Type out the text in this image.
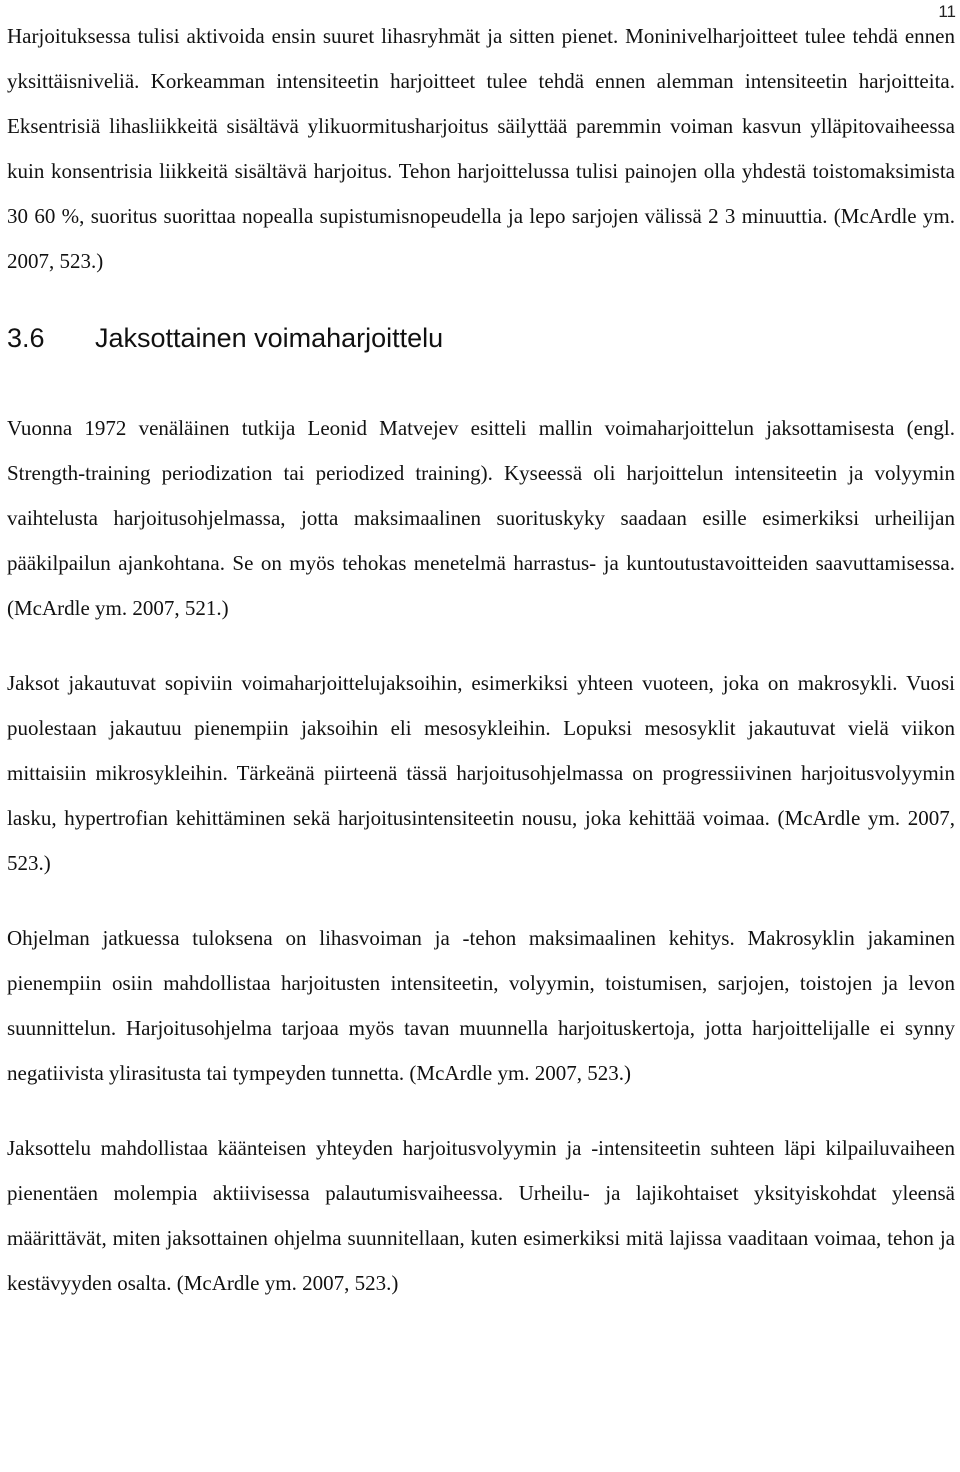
11

Harjoituksessa tulisi aktivoida ensin suuret lihasryhmät ja sitten pienet. Moninivelharjoitteet tulee tehdä ennen yksittäisniveliä. Korkeamman intensiteetin harjoitteet tulee tehdä ennen alemman intensiteetin harjoitteita. Eksentrisiä lihasliikkeitä sisältävä ylikuormitusharjoitus säilyttää paremmin voiman kasvun ylläpitovaiheessa kuin konsentrisia liikkeitä sisältävä harjoitus. Tehon harjoittelussa tulisi painojen olla yhdestä toistomaksimista 30 60 %, suoritus suorittaa nopealla supistumisnopeudella ja lepo sarjojen välissä 2 3 minuuttia. (McArdle ym. 2007, 523.)

3.6	Jaksottainen voimaharjoittelu

Vuonna 1972 venäläinen tutkija Leonid Matvejev esitteli mallin voimaharjoittelun jaksottamisesta (engl. Strength-training periodization tai periodized training). Kyseessä oli harjoittelun intensiteetin ja volyymin vaihtelusta harjoitusohjelmassa, jotta maksimaalinen suorituskyky saadaan esille esimerkiksi urheilijan pääkilpailun ajankohtana. Se on myös tehokas menetelmä harrastus- ja kuntoutustavoitteiden saavuttamisessa. (McArdle ym. 2007, 521.)

Jaksot jakautuvat sopiviin voimaharjoittelujaksoihin, esimerkiksi yhteen vuoteen, joka on makrosykli. Vuosi puolestaan jakautuu pienempiin jaksoihin eli mesosykleihin. Lopuksi mesosyklit jakautuvat vielä viikon mittaisiin mikrosykleihin. Tärkeänä piirteenä tässä harjoitusohjelmassa on progressiivinen harjoitusvolyymin lasku, hypertrofian kehittäminen sekä harjoitusintensiteetin nousu, joka kehittää voimaa. (McArdle ym. 2007, 523.)

Ohjelman jatkuessa tuloksena on lihasvoiman ja -tehon maksimaalinen kehitys. Makrosyklin jakaminen pienempiin osiin mahdollistaa harjoitusten intensiteetin, volyymin, toistumisen, sarjojen, toistojen ja levon suunnittelun. Harjoitusohjelma tarjoaa myös tavan muunnella harjoituskertoja, jotta harjoittelijalle ei synny negatiivista ylirasitusta tai tympeyden tunnetta. (McArdle ym. 2007, 523.)

Jaksottelu mahdollistaa käänteisen yhteyden harjoitusvolyymin ja -intensiteetin suhteen läpi kilpailuvaiheen pienentäen molempia aktiivisessa palautumisvaiheessa. Urheilu- ja lajikohtaiset yksityiskohdat yleensä määrittävät, miten jaksottainen ohjelma suunnitellaan, kuten esimerkiksi mitä lajissa vaaditaan voimaa, tehon ja kestävyyden osalta. (McArdle ym. 2007, 523.)
